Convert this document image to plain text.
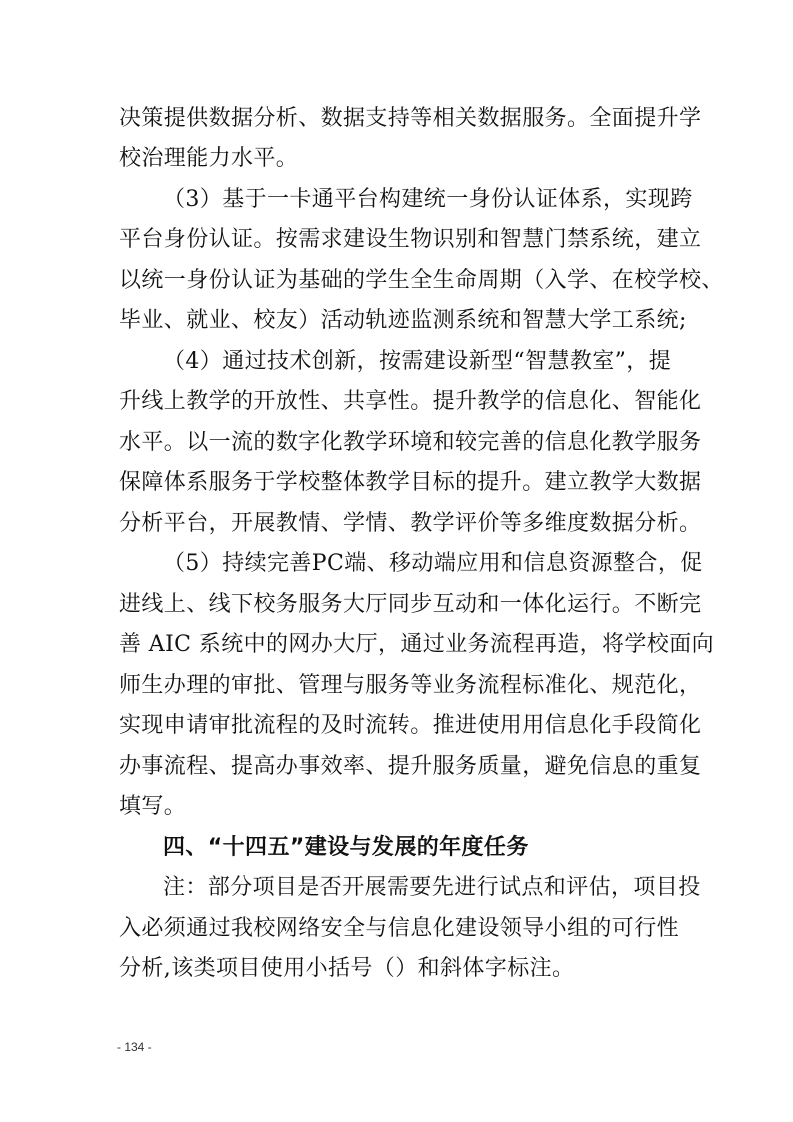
决策提供数据分析、数据支持等相关数据服务。全面提升学
校治理能力水平。
（3）基于一卡通平台构建统一身份认证体系，实现跨
平台身份认证。按需求建设生物识别和智慧门禁系统，建立
以统一身份认证为基础的学生全生命周期（入学、在校学校、
毕业、就业、校友）活动轨迹监测系统和智慧大学工系统;
（4）通过技术创新，按需建设新型“智慧教室”，提
升线上教学的开放性、共享性。提升教学的信息化、智能化
水平。以一流的数字化教学环境和较完善的信息化教学服务
保障体系服务于学校整体教学目标的提升。建立教学大数据
分析平台，开展教情、学情、教学评价等多维度数据分析。
（5）持续完善PC端、移动端应用和信息资源整合，促
进线上、线下校务服务大厅同步互动和一体化运行。不断完
善 AIC 系统中的网办大厅，通过业务流程再造，将学校面向
师生办理的审批、管理与服务等业务流程标准化、规范化，
实现申请审批流程的及时流转。推进使用用信息化手段简化
办事流程、提高办事效率、提升服务质量，避免信息的重复
填写。
四、“十四五”建设与发展的年度任务
注：部分项目是否开展需要先进行试点和评估，项目投
入必须通过我校网络安全与信息化建设领导小组的可行性
分析,该类项目使用小括号（）和斜体字标注。
- 134 -
